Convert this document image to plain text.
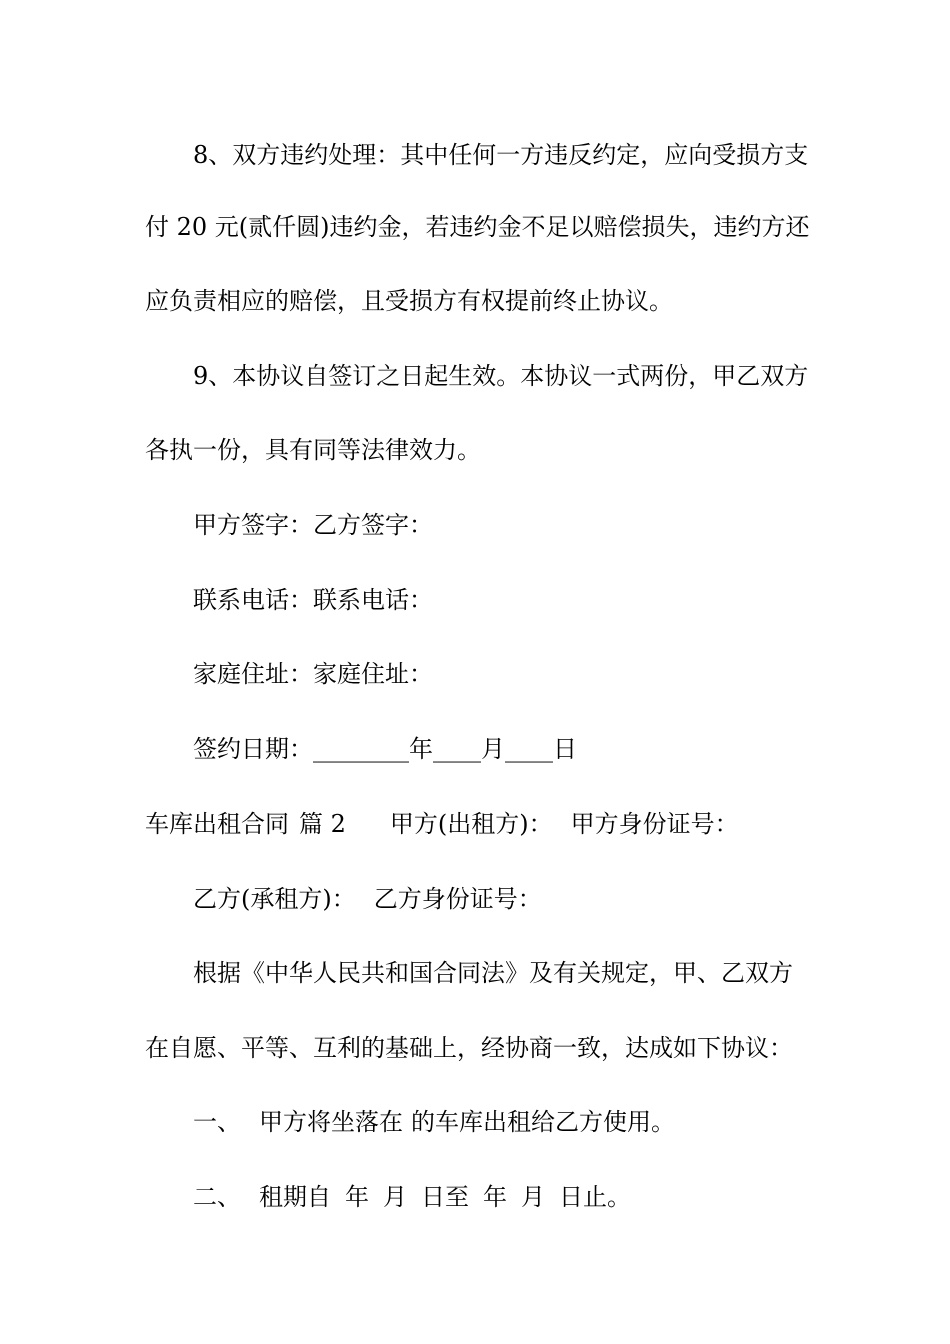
8、双方违约处理：其中任何一方违反约定，应向受损方支
付 20 元(贰仟圆)违约金，若违约金不足以赔偿损失，违约方还
应负责相应的赔偿，且受损方有权提前终止协议。
9、本协议自签订之日起生效。本协议一式两份，甲乙双方
各执一份，具有同等法律效力。
甲方签字：乙方签字：
联系电话：联系电话：
家庭住址：家庭住址：
签约日期：________年____月____日
车库出租合同 篇 2 甲方(出租方)： 甲方身份证号：
乙方(承租方)： 乙方身份证号：
根据《中华人民共和国合同法》及有关规定，甲、乙双方
在自愿、平等、互利的基础上，经协商一致，达成如下协议：
一、 甲方将坐落在 的车库出租给乙方使用。
二、 租期自 年 月 日至 年 月 日止。
